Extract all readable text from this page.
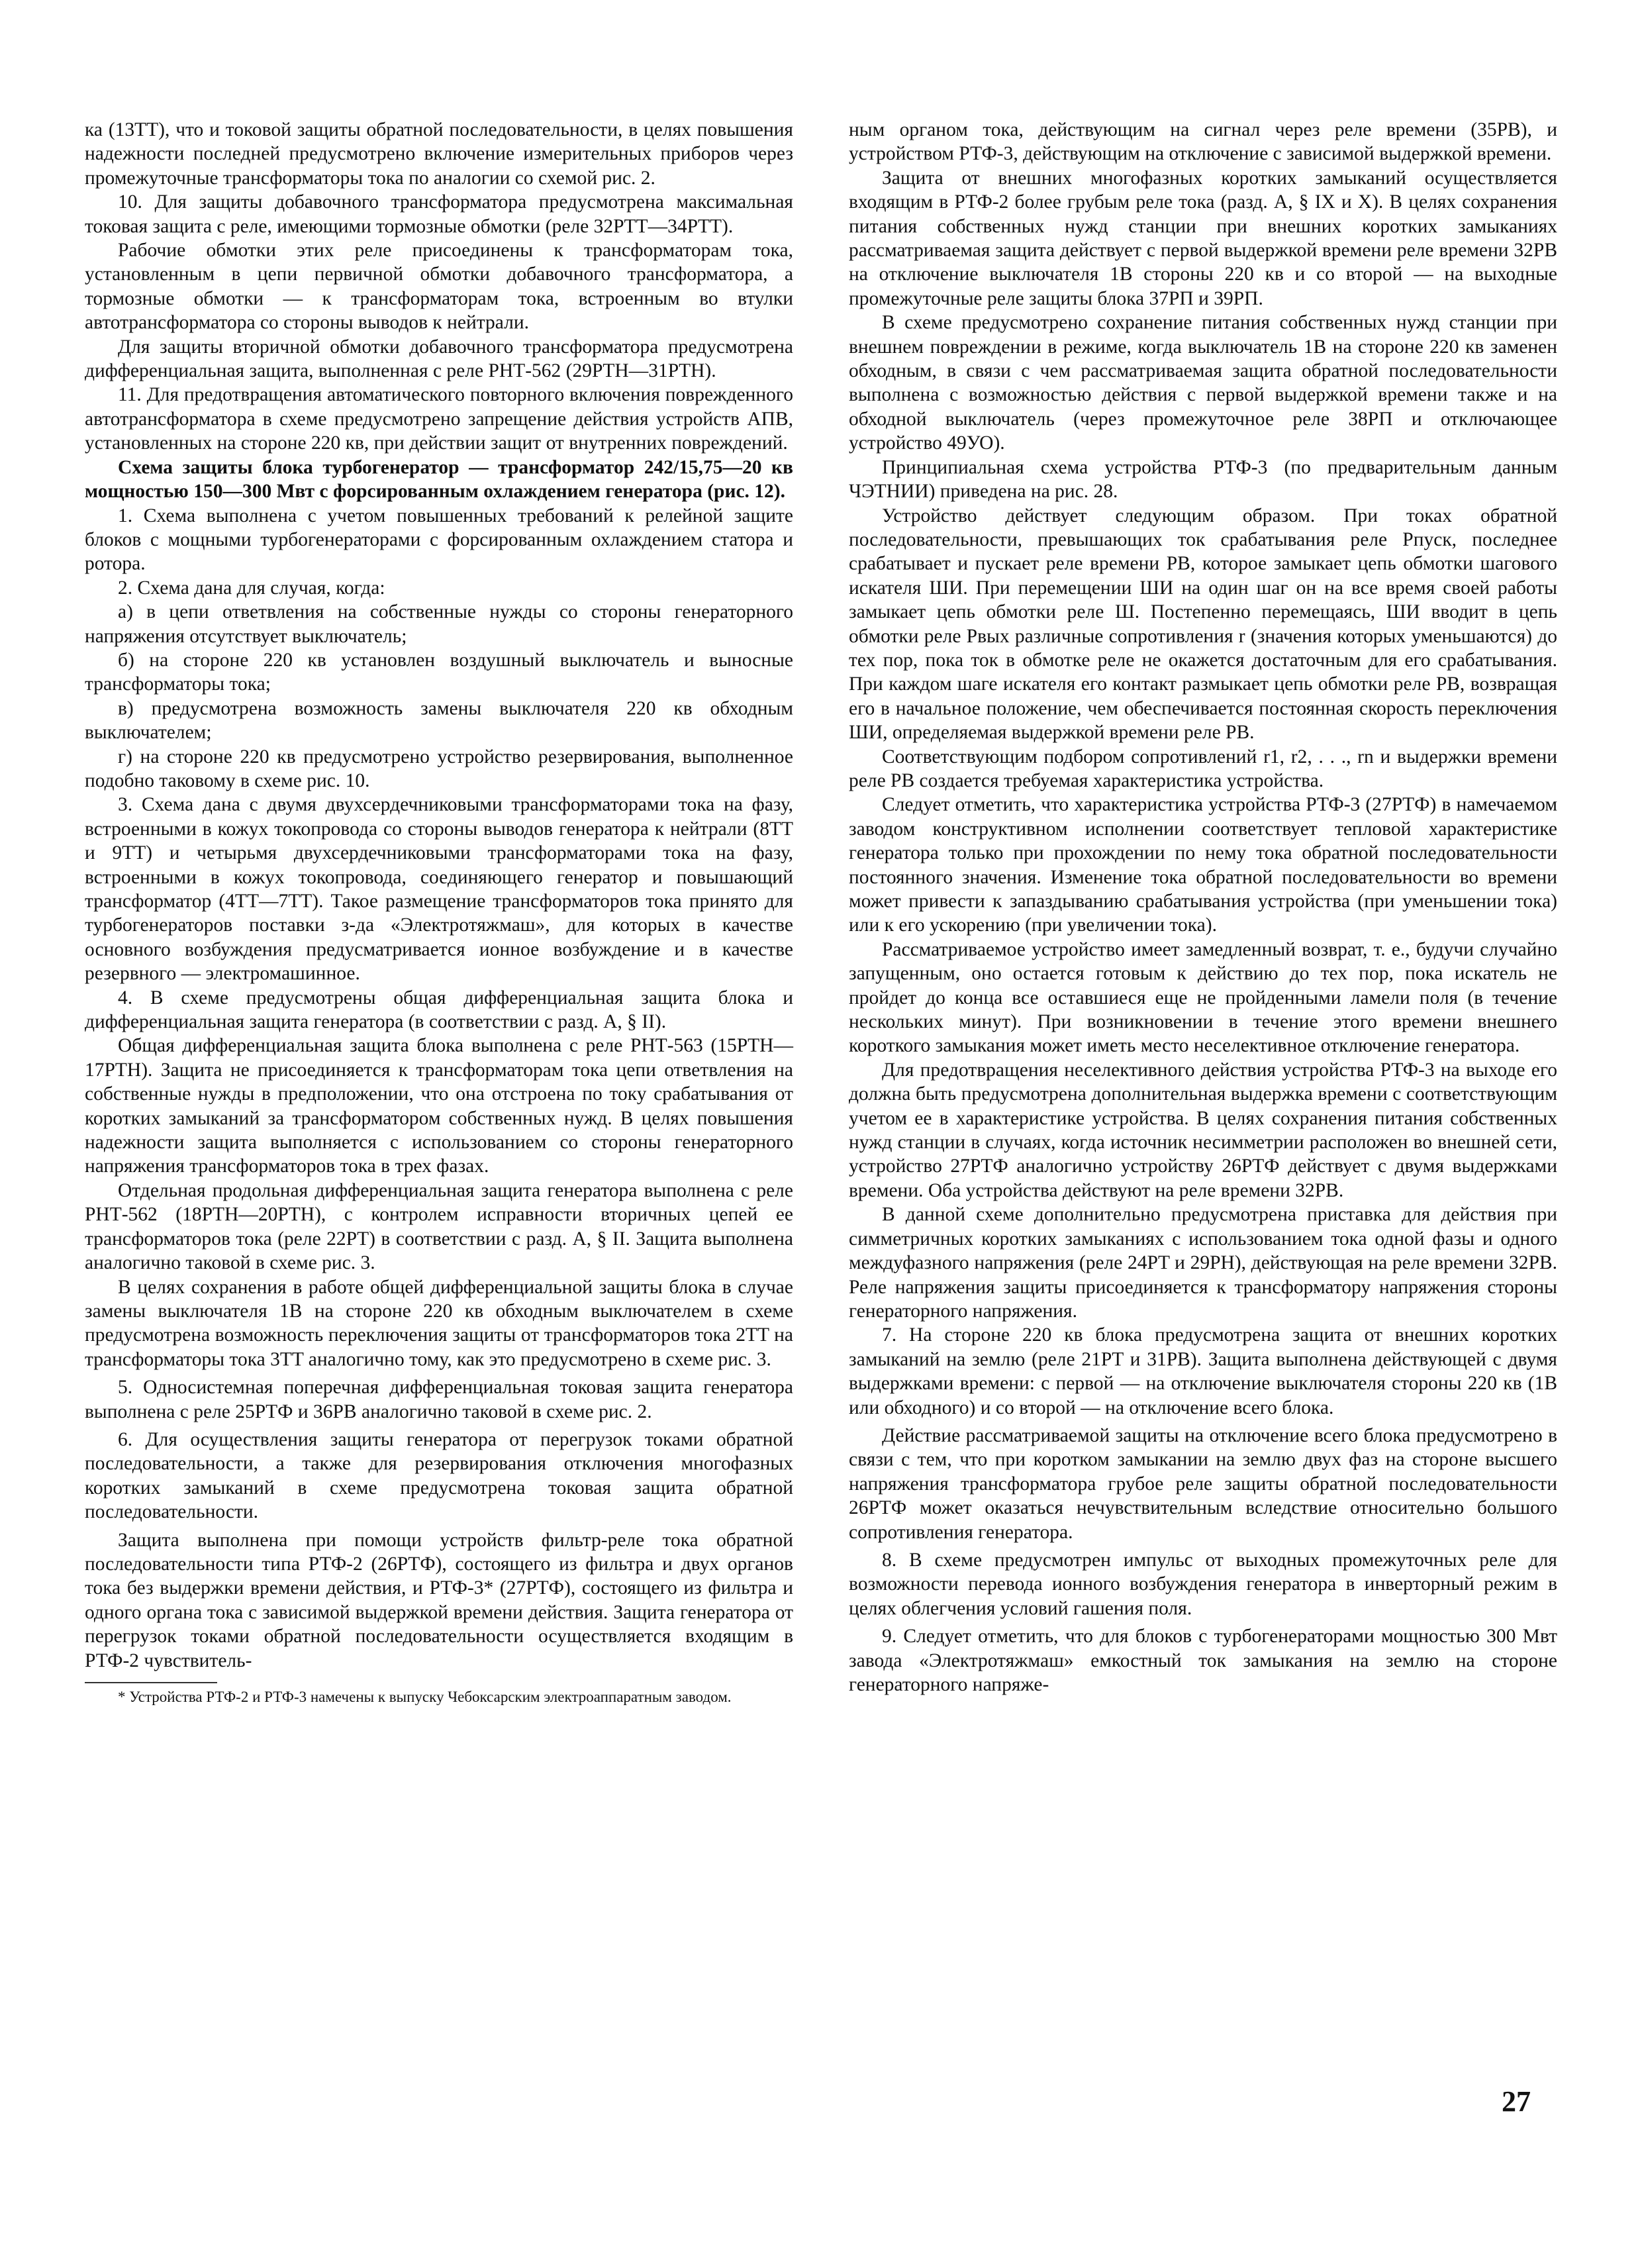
ка (13TT), что и токовой защиты обратной последовательности, в целях повышения надежности последней предусмотрено включение измерительных приборов через промежуточные трансформаторы тока по аналогии со схемой рис. 2.

10. Для защиты добавочного трансформатора предусмотрена максимальная токовая защита с реле, имеющими тормозные обмотки (реле 32PTT—34PTT).

Рабочие обмотки этих реле присоединены к трансформаторам тока, установленным в цепи первичной обмотки добавочного трансформатора, а тормозные обмотки — к трансформаторам тока, встроенным во втулки автотрансформатора со стороны выводов к нейтрали.

Для защиты вторичной обмотки добавочного трансформатора предусмотрена дифференциальная защита, выполненная с реле РНТ-562 (29PTH—31PTH).

11. Для предотвращения автоматического повторного включения поврежденного автотрансформатора в схеме предусмотрено запрещение действия устройств АПВ, установленных на стороне 220 кв, при действии защит от внутренних повреждений.

Схема защиты блока турбогенератор — трансформатор 242/15,75—20 кв мощностью 150—300 Мвт с форсированным охлаждением генератора (рис. 12).

1. Схема выполнена с учетом повышенных требований к релейной защите блоков с мощными турбогенераторами с форсированным охлаждением статора и ротора.

2. Схема дана для случая, когда:

а) в цепи ответвления на собственные нужды со стороны генераторного напряжения отсутствует выключатель;

б) на стороне 220 кв установлен воздушный выключатель и выносные трансформаторы тока;

в) предусмотрена возможность замены выключателя 220 кв обходным выключателем;

г) на стороне 220 кв предусмотрено устройство резервирования, выполненное подобно таковому в схеме рис. 10.

3. Схема дана с двумя двухсердечниковыми трансформаторами тока на фазу, встроенными в кожух токопровода со стороны выводов генератора к нейтрали (8TT и 9TT) и четырьмя двухсердечниковыми трансформаторами тока на фазу, встроенными в кожух токопровода, соединяющего генератор и повышающий трансформатор (4TT—7TT). Такое размещение трансформаторов тока принято для турбогенераторов поставки з-да «Электротяжмаш», для которых в качестве основного возбуждения предусматривается ионное возбуждение и в качестве резервного — электромашинное.

4. В схеме предусмотрены общая дифференциальная защита блока и дифференциальная защита генератора (в соответствии с разд. А, § II).

Общая дифференциальная защита блока выполнена с реле РНТ-563 (15PTH—17PTH). Защита не присоединяется к трансформаторам тока цепи ответвления на собственные нужды в предположении, что она отстроена по току срабатывания от коротких замыканий за трансформатором собственных нужд. В целях повышения надежности защита выполняется с использованием со стороны генераторного напряжения трансформаторов тока в трех фазах.

Отдельная продольная дифференциальная защита генератора выполнена с реле РНТ-562 (18PTH—20PTH), с контролем исправности вторичных цепей ее трансформаторов тока (реле 22PT) в соответствии с разд. А, § II. Защита выполнена аналогично таковой в схеме рис. 3.

В целях сохранения в работе общей дифференциальной защиты блока в случае замены выключателя 1B на стороне 220 кв обходным выключателем в схеме предусмотрена возможность переключения защиты от трансформаторов тока 2TT на трансформаторы тока 3TT аналогично тому, как это предусмотрено в схеме рис. 3.

5. Односистемная поперечная дифференциальная токовая защита генератора выполнена с реле 25PTФ и 36PB аналогично таковой в схеме рис. 2.

6. Для осуществления защиты генератора от перегрузок токами обратной последовательности, а также для резервирования отключения многофазных коротких замыканий в схеме предусмотрена токовая защита обратной последовательности.

Защита выполнена при помощи устройств фильтр-реле тока обратной последовательности типа РТФ-2 (26PTФ), состоящего из фильтра и двух органов тока без выдержки времени действия, и РТФ-3* (27PTФ), состоящего из фильтра и одного органа тока с зависимой выдержкой времени действия. Защита генератора от перегрузок токами обратной последовательности осуществляется входящим в РТФ-2 чувствитель-

* Устройства РТФ-2 и РТФ-3 намечены к выпуску Чебоксарским электроаппаратным заводом.

ным органом тока, действующим на сигнал через реле времени (35PB), и устройством РТФ-3, действующим на отключение с зависимой выдержкой времени.

Защита от внешних многофазных коротких замыканий осуществляется входящим в РТФ-2 более грубым реле тока (разд. А, § IX и X). В целях сохранения питания собственных нужд станции при внешних коротких замыканиях рассматриваемая защита действует с первой выдержкой времени реле времени 32PB на отключение выключателя 1B стороны 220 кв и со второй — на выходные промежуточные реле защиты блока 37PП и 39PП.

В схеме предусмотрено сохранение питания собственных нужд станции при внешнем повреждении в режиме, когда выключатель 1B на стороне 220 кв заменен обходным, в связи с чем рассматриваемая защита обратной последовательности выполнена с возможностью действия с первой выдержкой времени также и на обходной выключатель (через промежуточное реле 38PП и отключающее устройство 49УО).

Принципиальная схема устройства РТФ-3 (по предварительным данным ЧЭТНИИ) приведена на рис. 28.

Устройство действует следующим образом. При токах обратной последовательности, превышающих ток срабатывания реле Pпуск, последнее срабатывает и пускает реле времени PB, которое замыкает цепь обмотки шагового искателя ШИ. При перемещении ШИ на один шаг он на все время своей работы замыкает цепь обмотки реле Ш. Постепенно перемещаясь, ШИ вводит в цепь обмотки реле Pвых различные сопротивления r (значения которых уменьшаются) до тех пор, пока ток в обмотке реле не окажется достаточным для его срабатывания. При каждом шаге искателя его контакт размыкает цепь обмотки реле PB, возвращая его в начальное положение, чем обеспечивается постоянная скорость переключения ШИ, определяемая выдержкой времени реле PB.

Соответствующим подбором сопротивлений r1, r2, . . ., rn и выдержки времени реле PB создается требуемая характеристика устройства.

Следует отметить, что характеристика устройства РТФ-3 (27PTФ) в намечаемом заводом конструктивном исполнении соответствует тепловой характеристике генератора только при прохождении по нему тока обратной последовательности постоянного значения. Изменение тока обратной последовательности во времени может привести к запаздыванию срабатывания устройства (при уменьшении тока) или к его ускорению (при увеличении тока).

Рассматриваемое устройство имеет замедленный возврат, т. е., будучи случайно запущенным, оно остается готовым к действию до тех пор, пока искатель не пройдет до конца все оставшиеся еще не пройденными ламели поля (в течение нескольких минут). При возникновении в течение этого времени внешнего короткого замыкания может иметь место неселективное отключение генератора.

Для предотвращения неселективного действия устройства РТФ-3 на выходе его должна быть предусмотрена дополнительная выдержка времени с соответствующим учетом ее в характеристике устройства. В целях сохранения питания собственных нужд станции в случаях, когда источник несимметрии расположен во внешней сети, устройство 27PTФ аналогично устройству 26PTФ действует с двумя выдержками времени. Оба устройства действуют на реле времени 32PB.

В данной схеме дополнительно предусмотрена приставка для действия при симметричных коротких замыканиях с использованием тока одной фазы и одного междуфазного напряжения (реле 24PT и 29PH), действующая на реле времени 32PB. Реле напряжения защиты присоединяется к трансформатору напряжения стороны генераторного напряжения.

7. На стороне 220 кв блока предусмотрена защита от внешних коротких замыканий на землю (реле 21PT и 31PB). Защита выполнена действующей с двумя выдержками времени: с первой — на отключение выключателя стороны 220 кв (1B или обходного) и со второй — на отключение всего блока.

Действие рассматриваемой защиты на отключение всего блока предусмотрено в связи с тем, что при коротком замыкании на землю двух фаз на стороне высшего напряжения трансформатора грубое реле защиты обратной последовательности 26PTФ может оказаться нечувствительным вследствие относительно большого сопротивления генератора.

8. В схеме предусмотрен импульс от выходных промежуточных реле для возможности перевода ионного возбуждения генератора в инверторный режим в целях облегчения условий гашения поля.

9. Следует отметить, что для блоков с турбогенераторами мощностью 300 Мвт завода «Электротяжмаш» емкостный ток замыкания на землю на стороне генераторного напряже-

27
